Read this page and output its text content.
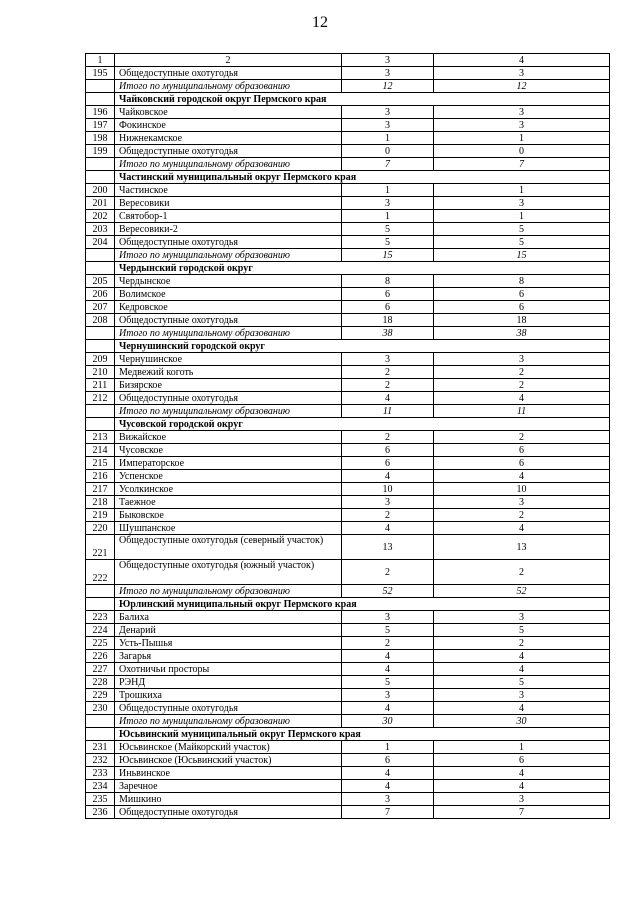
12
1	2	3	4
195	Общедоступные охотугодья	3	3
	Итого по муниципальному образованию	12	12
	Чайковский городской округ Пермского края		
196	Чайковское	3	3
197	Фокинское	3	3
198	Нижнекамское	1	1
199	Общедоступные охотугодья	0	0
	Итого по муниципальному образованию	7	7
	Частинский муниципальный округ Пермского края		
200	Частинское	1	1
201	Вересовики	3	3
202	Святобор-1	1	1
203	Вересовики-2	5	5
204	Общедоступные охотугодья	5	5
	Итого по муниципальному образованию	15	15
	Чердынский городской округ		
205	Чердынское	8	8
206	Волимское	6	6
207	Кедровское	6	6
208	Общедоступные охотугодья	18	18
	Итого по муниципальному образованию	38	38
	Чернушинский городской округ		
209	Чернушинское	3	3
210	Медвежий коготь	2	2
211	Бизярское	2	2
212	Общедоступные охотугодья	4	4
	Итого по муниципальному образованию	11	11
	Чусовской городской округ		
213	Вижайское	2	2
214	Чусовское	6	6
215	Императорское	6	6
216	Успенское	4	4
217	Усолкинское	10	10
218	Таежное	3	3
219	Быковское	2	2
220	Шушпанское	4	4
221	Общедоступные охотугодья (северный участок)	13	13
222	Общедоступные охотугодья (южный участок)	2	2
	Итого по муниципальному образованию	52	52
	Юрлинский муниципальный округ Пермского края		
223	Балиха	3	3
224	Денарий	5	5
225	Усть-Пышья	2	2
226	Загарья	4	4
227	Охотничьи просторы	4	4
228	РЭНД	5	5
229	Трошкиха	3	3
230	Общедоступные охотугодья	4	4
	Итого по муниципальному образованию	30	30
	Юсьвинский муниципальный округ Пермского края		
231	Юсьвинское (Майкорский участок)	1	1
232	Юсьвинское (Юсьвинский участок)	6	6
233	Иньвинское	4	4
234	Заречное	4	4
235	Мишкино	3	3
236	Общедоступные охотугодья	7	7
